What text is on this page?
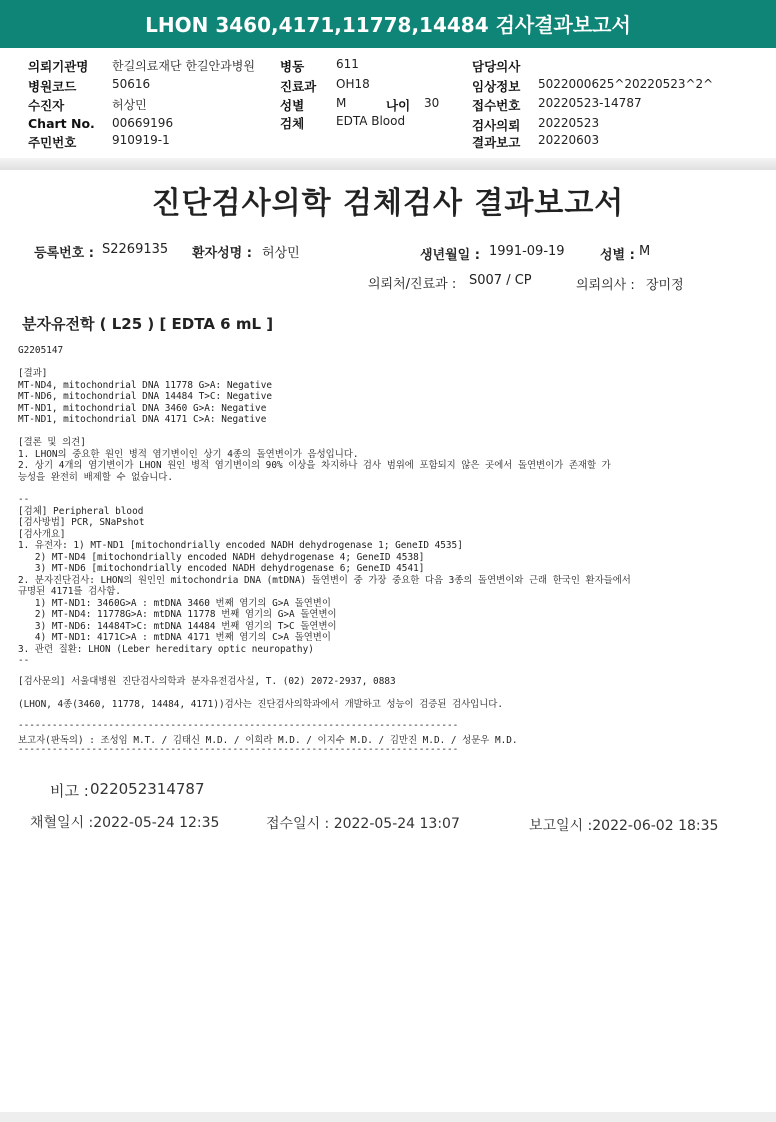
LHON 3460,4171,11778,14484 검사결과보고서
의뢰기관명 한길의료재단 한길안과병원
병원코드	50616
수진자	허상민
Chart No. 00669196
주민번호	910919-1
병동	611
진료과 OH18
성별	M	나이 30
검체	EDTA Blood
담당의사
임상정보 5022000625^20220523^2^
접수번호 20220523-14787
검사의뢰 20220523
결과보고 20220603
진단검사의학 검체검사 결과보고서
등록번호 : S2269135 환자성명 : 허상민	생년월일 : 1991-09-19	성별 : M
의뢰처/진료과 : S007 / CP	의뢰의사 : 장미정
분자유전학 ( L25 ) [ EDTA 6 mL ]
G2205147
[결과]
MT-ND4, mitochondrial DNA 11778 G>A: Negative
MT-ND6, mitochondrial DNA 14484 T>C: Negative
MT-ND1, mitochondrial DNA 3460 G>A: Negative
MT-ND1, mitochondrial DNA 4171 C>A: Negative
[결론 및 의견]
1. LHON의 중요한 원인 병적 염기변이인 상기 4종의 돌연변이가 음성입니다.
2. 상기 4개의 염기변이가 LHON 원인 병적 염기변이의 90% 이상을 차지하나 검사 범위에 포함되지 않은 곳에서 돌연변이가 존재할 가
능성을 완전히 배제할 수 없습니다.
--
[검체] Peripheral blood
[검사방법] PCR, SNaPshot
[검사개요]
1. 유전자: 1) MT-ND1 [mitochondrially encoded NADH dehydrogenase 1; GeneID 4535]
2) MT-ND4 [mitochondrially encoded NADH dehydrogenase 4; GeneID 4538]
3) MT-ND6 [mitochondrially encoded NADH dehydrogenase 6; GeneID 4541]
2. 분자진단검사: LHON의 원인인 mitochondria DNA (mtDNA) 돌연변이 중 가장 중요한 다음 3종의 돌연변이와 근래 한국인 환자들에서
규명된 4171를 검사함.
1) MT-ND1: 3460G>A : mtDNA 3460 번째 염기의 G>A 돌연변이
2) MT-ND4: 11778G>A: mtDNA 11778 번째 염기의 G>A 돌연변이
3) MT-ND6: 14484T>C: mtDNA 14484 번째 염기의 T>C 돌연변이
4) MT-ND1: 4171C>A : mtDNA 4171 번째 염기의 C>A 돌연변이
3. 관련 질환: LHON (Leber hereditary optic neuropathy)
--
[검사문의] 서울대병원 진단검사의학과 분자유전검사실, T. (02) 2072-2937, 0883
(LHON, 4종(3460, 11778, 14484, 4171))검사는 진단검사의학과에서 개발하고 성능이 검증된 검사입니다.
------------------------------------------------------------------------------
보고자(판독의) : 조성임 M.T. / 김태신 M.D. / 이희라 M.D. / 이지수 M.D. / 김만진 M.D. / 성문우 M.D.
------------------------------------------------------------------------------
비고 : 022052314787
채혈일시 :2022-05-24 12:35	접수일시 : 2022-05-24 13:07	보고일시 :2022-06-02 18:35
